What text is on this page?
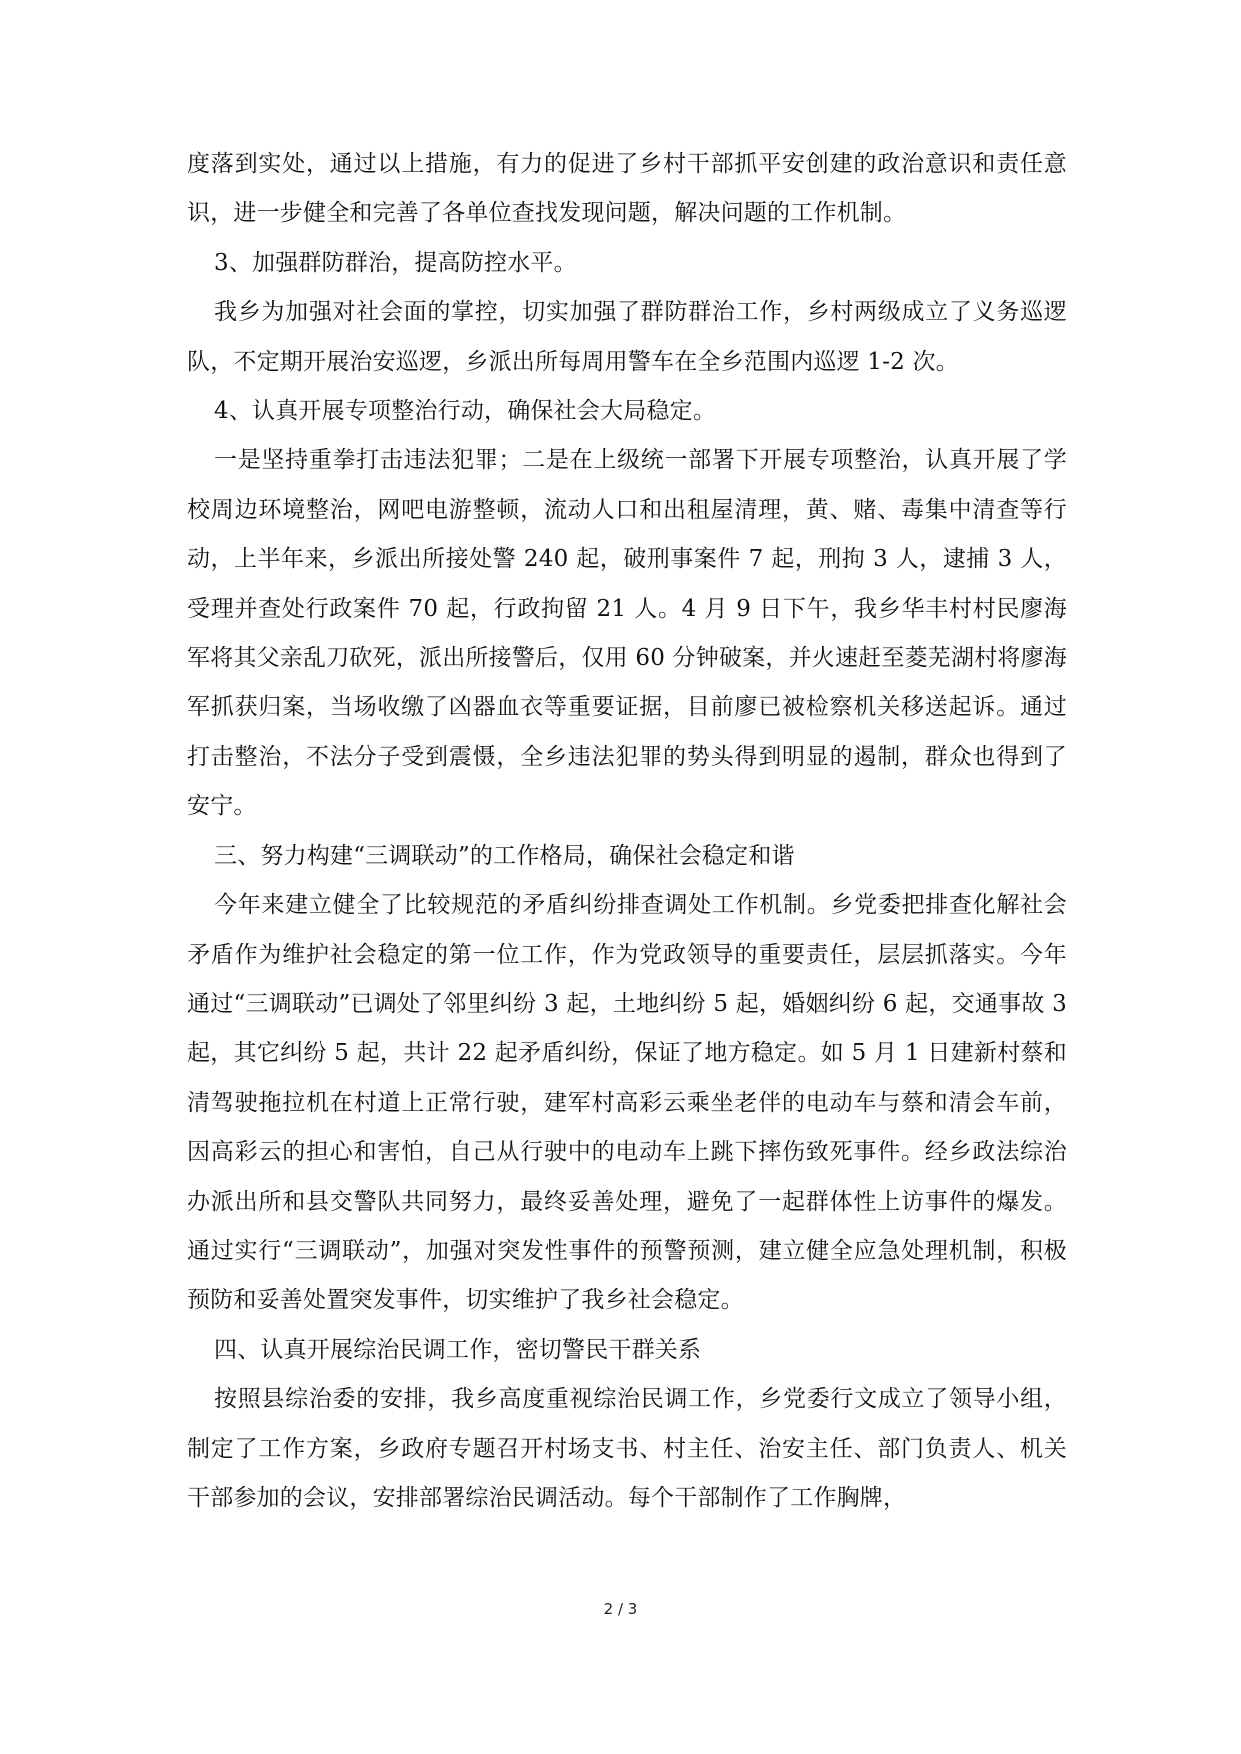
度落到实处，通过以上措施，有力的促进了乡村干部抓平安创建的政治意识和责任意识，进一步健全和完善了各单位查找发现问题，解决问题的工作机制。

3、加强群防群治，提高防控水平。

我乡为加强对社会面的掌控，切实加强了群防群治工作，乡村两级成立了义务巡逻队，不定期开展治安巡逻，乡派出所每周用警车在全乡范围内巡逻 1-2 次。

4、认真开展专项整治行动，确保社会大局稳定。

一是坚持重拳打击违法犯罪；二是在上级统一部署下开展专项整治，认真开展了学校周边环境整治，网吧电游整顿，流动人口和出租屋清理，黄、赌、毒集中清查等行动，上半年来，乡派出所接处警 240 起，破刑事案件 7 起，刑拘 3 人，逮捕 3 人，受理并查处行政案件 70 起，行政拘留 21 人。4 月 9 日下午，我乡华丰村村民廖海军将其父亲乱刀砍死，派出所接警后，仅用 60 分钟破案，并火速赶至菱芜湖村将廖海军抓获归案，当场收缴了凶器血衣等重要证据，目前廖已被检察机关移送起诉。通过打击整治，不法分子受到震慑，全乡违法犯罪的势头得到明显的遏制，群众也得到了安宁。

三、努力构建“三调联动”的工作格局，确保社会稳定和谐

今年来建立健全了比较规范的矛盾纠纷排查调处工作机制。乡党委把排查化解社会矛盾作为维护社会稳定的第一位工作，作为党政领导的重要责任，层层抓落实。今年通过“三调联动”已调处了邻里纠纷 3 起，土地纠纷 5 起，婚姻纠纷 6 起，交通事故 3 起，其它纠纷 5 起，共计 22 起矛盾纠纷，保证了地方稳定。如 5 月 1 日建新村蔡和清驾驶拖拉机在村道上正常行驶，建军村高彩云乘坐老伴的电动车与蔡和清会车前，因高彩云的担心和害怕，自己从行驶中的电动车上跳下摔伤致死事件。经乡政法综治办派出所和县交警队共同努力，最终妥善处理，避免了一起群体性上访事件的爆发。通过实行“三调联动”，加强对突发性事件的预警预测，建立健全应急处理机制，积极预防和妥善处置突发事件，切实维护了我乡社会稳定。

四、认真开展综治民调工作，密切警民干群关系

按照县综治委的安排，我乡高度重视综治民调工作，乡党委行文成立了领导小组，制定了工作方案，乡政府专题召开村场支书、村主任、治安主任、部门负责人、机关干部参加的会议，安排部署综治民调活动。每个干部制作了工作胸牌，

2 / 3
